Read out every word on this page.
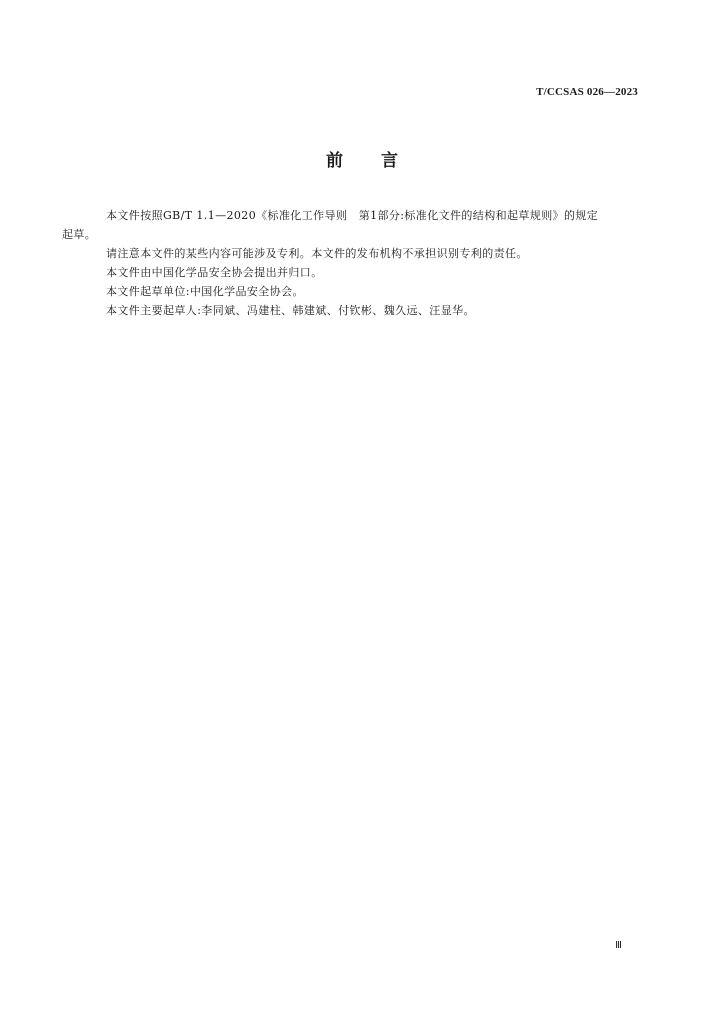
T/CCSAS 026—2023
前言

本文件按照GB/T 1.1—2020《标准化工作导则　第1部分:标准化文件的结构和起草规则》的规定
起草。

请注意本文件的某些内容可能涉及专利。本文件的发布机构不承担识别专利的责任。

本文件由中国化学品安全协会提出并归口。

本文件起草单位:中国化学品安全协会。

本文件主要起草人:李同斌、冯建柱、韩建斌、付钦彬、魏久远、汪显华。

Ⅲ
